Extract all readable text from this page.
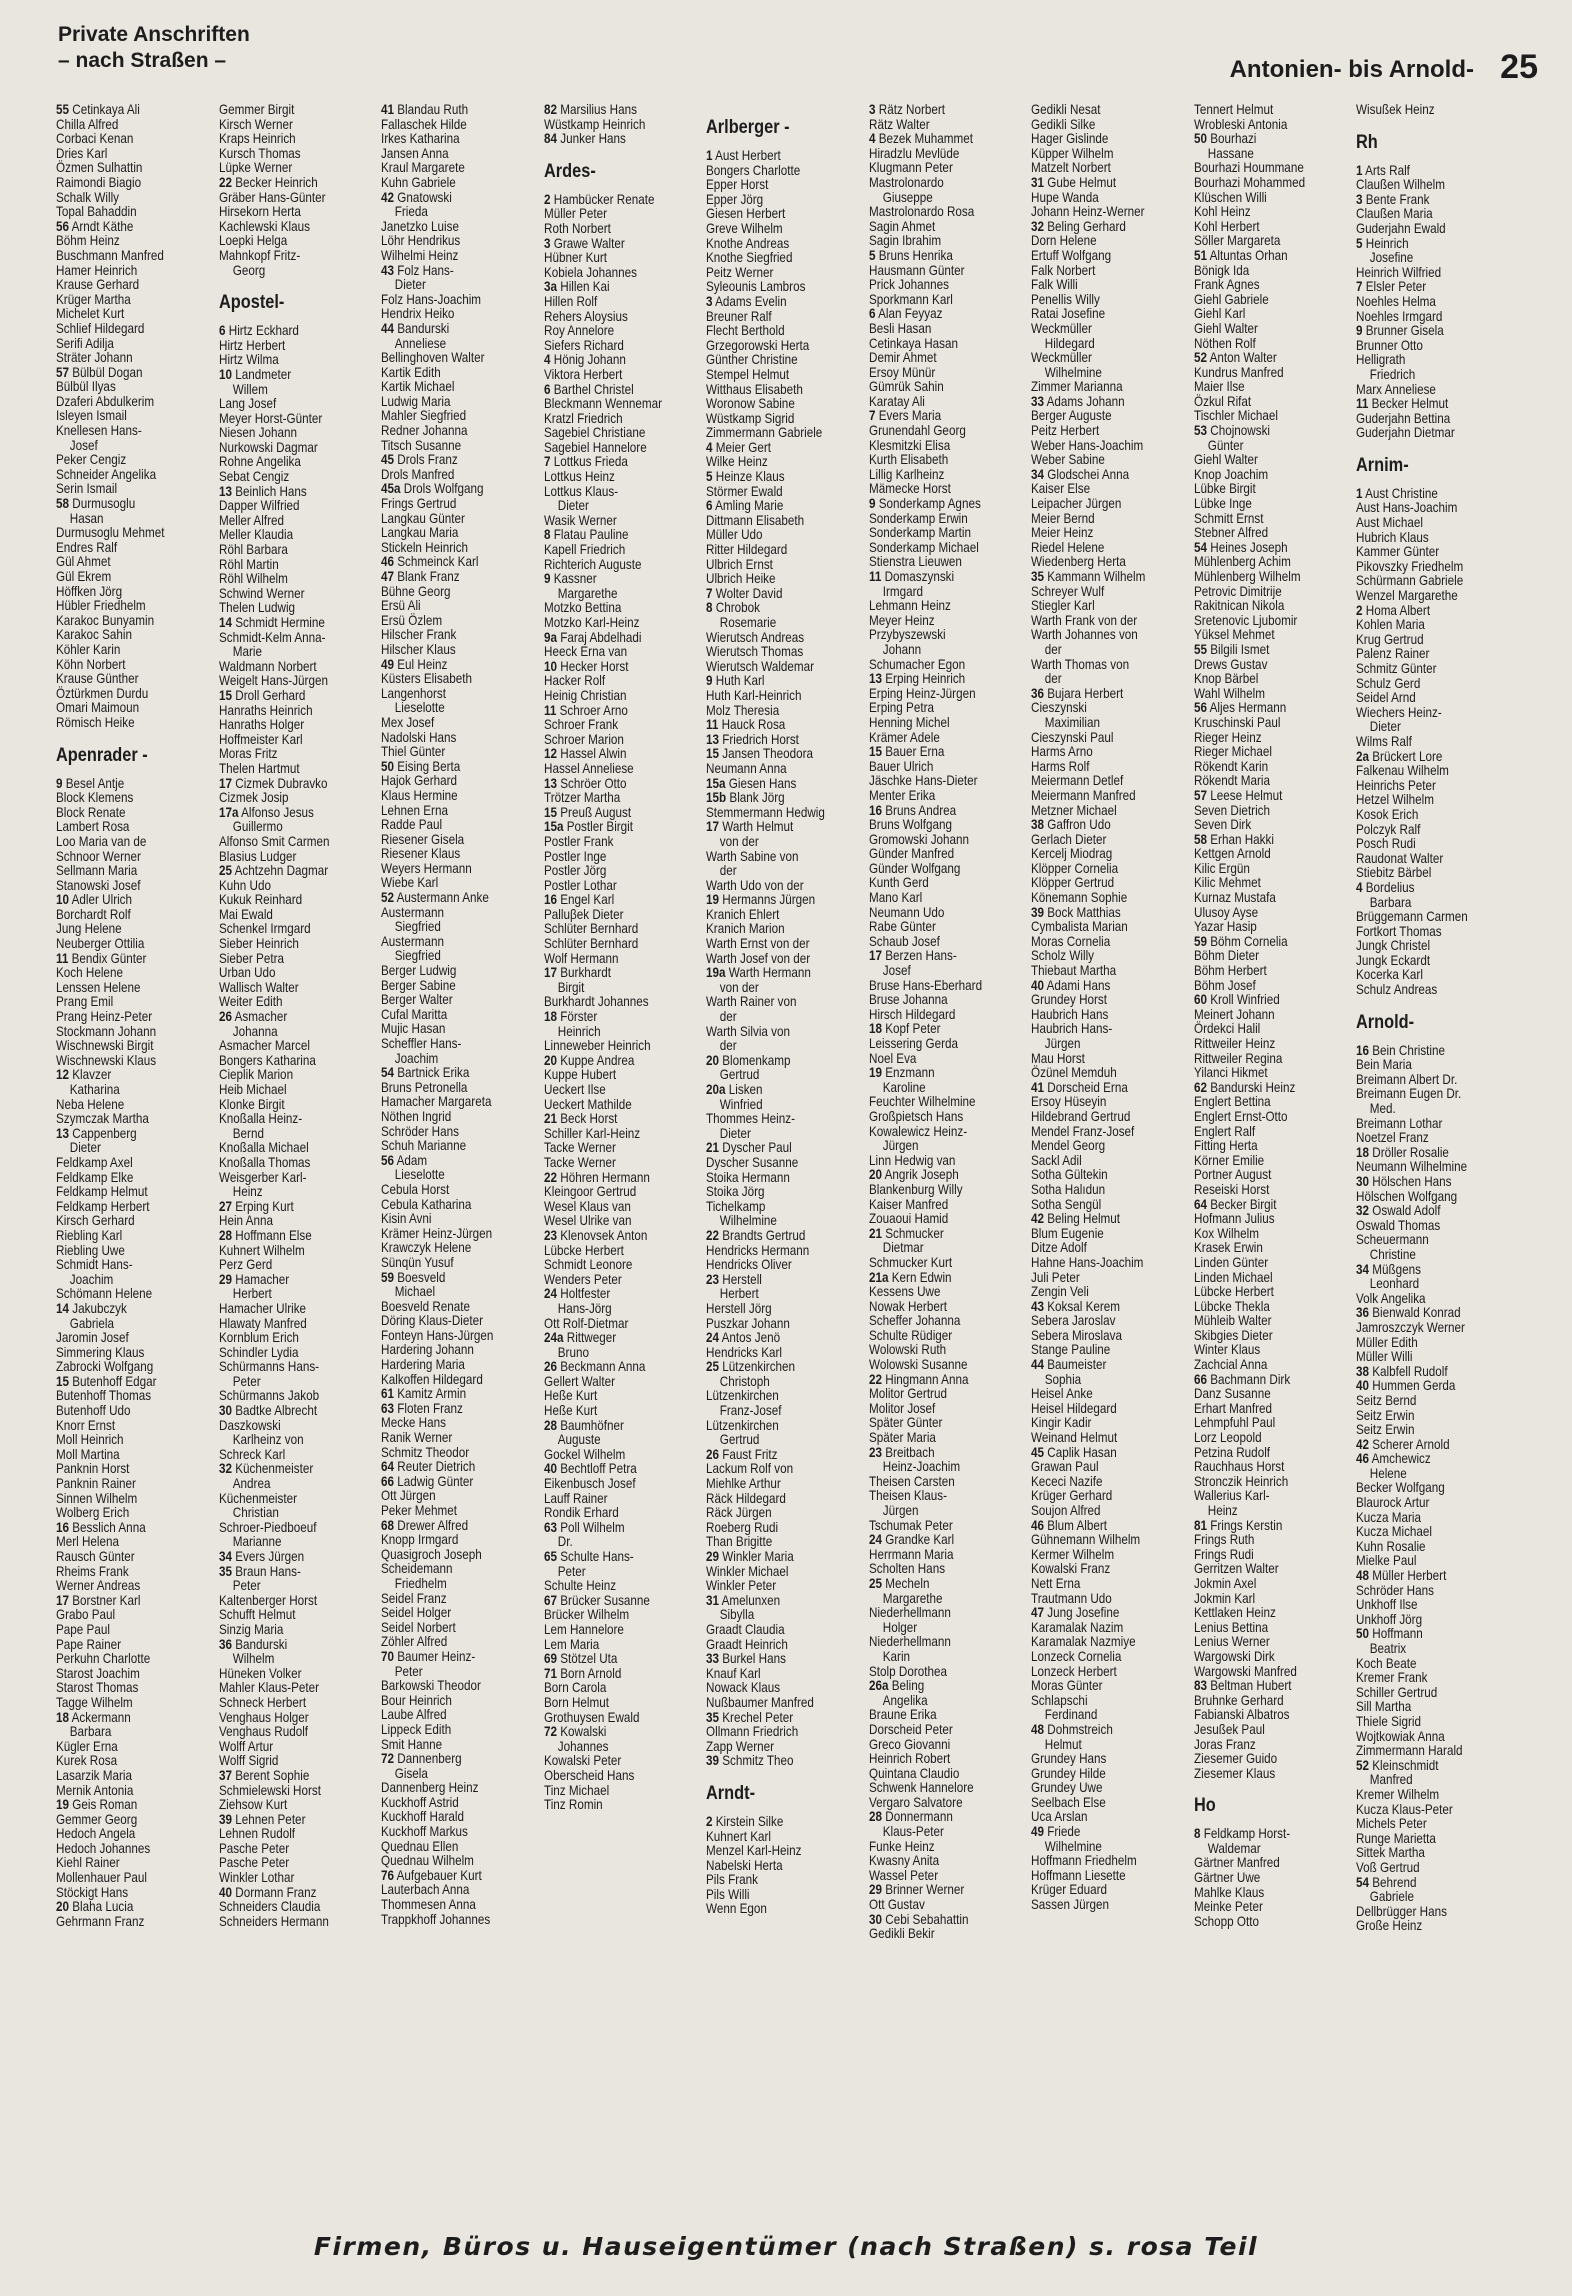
Private Anschriften
– nach Straßen –	Antonien- bis Arnold- 25
55 Cetinkaya Ali
Chilla Alfred
Corbaci Kenan
Dries Karl
Özmen Sulhattin
Raimondi Biagio
Schalk Willy
Topal Bahaddin
56 Arndt Käthe
Böhm Heinz
Buschmann Manfred
Hamer Heinrich
Krause Gerhard
Krüger Martha
Michelet Kurt
Schlief Hildegard
Serifi Adilja
Sträter Johann
57 Bülbül Dogan
Bülbül Ilyas
Dzaferi Abdulkerim
Isleyen Ismail
Knellesen Hans-
Josef
Peker Cengiz
Schneider Angelika
Serin Ismail
58 Durmusoglu
Hasan
Durmusoglu Mehmet
Endres Ralf
Gül Ahmet
Gül Ekrem
Höffken Jörg
Hübler Friedhelm
Karakoc Bunyamin
Karakoc Sahin
Köhler Karin
Köhn Norbert
Krause Günther
Öztürkmen Durdu
Omari Maimoun
Römisch Heike
Apenrader -
9 Besel Antje
Block Klemens
Block Renate
Lambert Rosa
Loo Maria van de
Schnoor Werner
Sellmann Maria
Stanowski Josef
10 Adler Ulrich
Borchardt Rolf
Jung Helene
Neuberger Ottilia
11 Bendix Günter
Koch Helene
Lenssen Helene
Prang Emil
Prang Heinz-Peter
Stockmann Johann
Wischnewski Birgit
Wischnewski Klaus
12 Klavzer
Katharina
Neba Helene
Szymczak Martha
13 Cappenberg
Dieter
Feldkamp Axel
Feldkamp Elke
Feldkamp Helmut
Feldkamp Herbert
Kirsch Gerhard
Riebling Karl
Riebling Uwe
Schmidt Hans-
Joachim
Schömann Helene
14 Jakubczyk
Gabriela
Jaromin Josef
Simmering Klaus
Zabrocki Wolfgang
15 Butenhoff Edgar
Butenhoff Thomas
Butenhoff Udo
Knorr Ernst
Moll Heinrich
Moll Martina
Panknin Horst
Panknin Rainer
Sinnen Wilhelm
Wolberg Erich
16 Besslich Anna
Merl Helena
Rausch Günter
Rheims Frank
Werner Andreas
17 Borstner Karl
Grabo Paul
Pape Paul
Pape Rainer
Perkuhn Charlotte
Starost Joachim
Starost Thomas
Tagge Wilhelm
18 Ackermann
Barbara
Kügler Erna
Kurek Rosa
Lasarzik Maria
Mernik Antonia
19 Geis Roman
Gemmer Georg
Hedoch Angela
Hedoch Johannes
Kiehl Rainer
Mollenhauer Paul
Stöckigt Hans
20 Blaha Lucia
Gehrmann Franz
Gemmer Birgit
Kirsch Werner
Kraps Heinrich
Kursch Thomas
Lüpke Werner
22 Becker Heinrich
Gräber Hans-Günter
Hirsekorn Herta
Kachlewski Klaus
Loepki Helga
Mahnkopf Fritz-
Georg
Apostel-
6 Hirtz Eckhard
Hirtz Herbert
Hirtz Wilma
10 Landmeter
Willem
Lang Josef
Meyer Horst-Günter
Niesen Johann
Nurkowski Dagmar
Rohne Angelika
Sebat Cengiz
13 Beinlich Hans
Dapper Wilfried
Meller Alfred
Meller Klaudia
Röhl Barbara
Röhl Martin
Röhl Wilhelm
Schwind Werner
Thelen Ludwig
14 Schmidt Hermine
Schmidt-Kelm Anna-
Marie
Waldmann Norbert
Weigelt Hans-Jürgen
15 Droll Gerhard
Hanraths Heinrich
Hanraths Holger
Hoffmeister Karl
Moras Fritz
Thelen Hartmut
17 Cizmek Dubravko
Cizmek Josip
17a Alfonso Jesus
Guillermo
Alfonso Smit Carmen
Blasius Ludger
25 Achtzehn Dagmar
Kuhn Udo
Kukuk Reinhard
Mai Ewald
Schenkel Irmgard
Sieber Heinrich
Sieber Petra
Urban Udo
Wallisch Walter
Weiter Edith
26 Asmacher
Johanna
Asmacher Marcel
Bongers Katharina
Cieplik Marion
Heib Michael
Klonke Birgit
Knoßalla Heinz-
Bernd
Knoßalla Michael
Knoßalla Thomas
Weisgerber Karl-
Heinz
27 Erping Kurt
Hein Anna
28 Hoffmann Else
Kuhnert Wilhelm
Perz Gerd
29 Hamacher
Herbert
Hamacher Ulrike
Hlawaty Manfred
Kornblum Erich
Schindler Lydia
Schürmanns Hans-
Peter
Schürmanns Jakob
30 Badtke Albrecht
Daszkowski
Karlheinz von
Schreck Karl
32 Küchenmeister
Andrea
Küchenmeister
Christian
Schroer-Piedboeuf
Marianne
34 Evers Jürgen
35 Braun Hans-
Peter
Kaltenberger Horst
Schufft Helmut
Sinzig Maria
36 Bandurski
Wilhelm
Hüneken Volker
Mahler Klaus-Peter
Schneck Herbert
Venghaus Holger
Venghaus Rudolf
Wolff Artur
Wolff Sigrid
37 Berent Sophie
Schmielewski Horst
Ziehsow Kurt
39 Lehnen Peter
Lehnen Rudolf
Pasche Peter
Pasche Peter
Winkler Lothar
40 Dormann Franz
Schneiders Claudia
Schneiders Hermann
41 Blandau Ruth
Fallaschek Hilde
Irkes Katharina
Jansen Anna
Kraul Margarete
Kuhn Gabriele
42 Gnatowski
Frieda
Janetzko Luise
Löhr Hendrikus
Wilhelmi Heinz
43 Folz Hans-
Dieter
Folz Hans-Joachim
Hendrix Heiko
44 Bandurski
Anneliese
Bellinghoven Walter
Kartik Edith
Kartik Michael
Ludwig Maria
Mahler Siegfried
Redner Johanna
Titsch Susanne
45 Drols Franz
Drols Manfred
45a Drols Wolfgang
Frings Gertrud
Langkau Günter
Langkau Maria
Stickeln Heinrich
46 Schmeinck Karl
47 Blank Franz
Bühne Georg
Ersü Ali
Ersü Özlem
Hilscher Frank
Hilscher Klaus
49 Eul Heinz
Küsters Elisabeth
Langenhorst
Lieselotte
Mex Josef
Nadolski Hans
Thiel Günter
50 Eising Berta
Hajok Gerhard
Klaus Hermine
Lehnen Erna
Radde Paul
Riesener Gisela
Riesener Klaus
Weyers Hermann
Wiebe Karl
52 Austermann Anke
Austermann
Siegfried
Austermann
Siegfried
Berger Ludwig
Berger Sabine
Berger Walter
Cufal Maritta
Mujic Hasan
Scheffler Hans-
Joachim
54 Bartnick Erika
Bruns Petronella
Hamacher Margareta
Nöthen Ingrid
Schröder Hans
Schuh Marianne
56 Adam
Lieselotte
Cebula Horst
Cebula Katharina
Kisin Avni
Krämer Heinz-Jürgen
Krawczyk Helene
Sünqün Yusuf
59 Boesveld
Michael
Boesveld Renate
Döring Klaus-Dieter
Fonteyn Hans-Jürgen
Hardering Johann
Hardering Maria
Kalkoffen Hildegard
61 Kamitz Armin
63 Floten Franz
Mecke Hans
Ranik Werner
Schmitz Theodor
64 Reuter Dietrich
66 Ladwig Günter
Ott Jürgen
Peker Mehmet
68 Drewer Alfred
Knopp Irmgard
Quasigroch Joseph
Scheidemann
Friedhelm
Seidel Franz
Seidel Holger
Seidel Norbert
Zöhler Alfred
70 Baumer Heinz-
Peter
Barkowski Theodor
Bour Heinrich
Laube Alfred
Lippeck Edith
Smit Hanne
72 Dannenberg
Gisela
Dannenberg Heinz
Kuckhoff Astrid
Kuckhoff Harald
Kuckhoff Markus
Quednau Ellen
Quednau Wilhelm
76 Aufgebauer Kurt
Lauterbach Anna
Thommesen Anna
Trappkhoff Johannes
82 Marsilius Hans
Wüstkamp Heinrich
84 Junker Hans
Ardes-
2 Hambücker Renate
Müller Peter
Roth Norbert
3 Grawe Walter
Hübner Kurt
Kobiela Johannes
3a Hillen Kai
Hillen Rolf
Rehers Aloysius
Roy Annelore
Siefers Richard
4 Hönig Johann
Viktora Herbert
6 Barthel Christel
Bleckmann Wennemar
Kratzl Friedrich
Sagebiel Christiane
Sagebiel Hannelore
7 Lottkus Frieda
Lottkus Heinz
Lottkus Klaus-
Dieter
Wasik Werner
8 Flatau Pauline
Kapell Friedrich
Richterich Auguste
9 Kassner
Margarethe
Motzko Bettina
Motzko Karl-Heinz
9a Faraj Abdelhadi
Heeck Erna van
10 Hecker Horst
Hacker Rolf
Heinig Christian
11 Schroer Arno
Schroer Frank
Schroer Marion
12 Hassel Alwin
Hassel Anneliese
13 Schröer Otto
Trötzer Martha
15 Preuß August
15a Postler Birgit
Postler Frank
Postler Inge
Postler Jörg
Postler Lothar
16 Engel Karl
Palluβek Dieter
Schlüter Bernhard
Schlüter Bernhard
Wolf Hermann
17 Burkhardt
Birgit
Burkhardt Johannes
18 Förster
Heinrich
Linneweber Heinrich
20 Kuppe Andrea
Kuppe Hubert
Ueckert Ilse
Ueckert Mathilde
21 Beck Horst
Schiller Karl-Heinz
Tacke Werner
Tacke Werner
22 Höhren Hermann
Kleingoor Gertrud
Wesel Klaus van
Wesel Ulrike van
23 Klenovsek Anton
Lübcke Herbert
Schmidt Leonore
Wenders Peter
24 Holtfester
Hans-Jörg
Ott Rolf-Dietmar
24a Rittweger
Bruno
26 Beckmann Anna
Gellert Walter
Heße Kurt
Heße Kurt
28 Baumhöfner
Auguste
Gockel Wilhelm
40 Bechtloff Petra
Eikenbusch Josef
Lauff Rainer
Rondik Erhard
63 Poll Wilhelm
Dr.
65 Schulte Hans-
Peter
Schulte Heinz
67 Brücker Susanne
Brücker Wilhelm
Lem Hannelore
Lem Maria
69 Stötzel Uta
71 Born Arnold
Born Carola
Born Helmut
Grothuysen Ewald
72 Kowalski
Johannes
Kowalski Peter
Oberscheid Hans
Tinz Michael
Tinz Romin
Arlberger -
1 Aust Herbert
Bongers Charlotte
Epper Horst
Epper Jörg
Giesen Herbert
Greve Wilhelm
Knothe Andreas
Knothe Siegfried
Peitz Werner
Syleounis Lambros
3 Adams Evelin
Breuner Ralf
Flecht Berthold
Grzegorowski Herta
Günther Christine
Stempel Helmut
Witthaus Elisabeth
Woronow Sabine
Wüstkamp Sigrid
Zimmermann Gabriele
4 Meier Gert
Wilke Heinz
5 Heinze Klaus
Störmer Ewald
6 Amling Marie
Dittmann Elisabeth
Müller Udo
Ritter Hildegard
Ulbrich Ernst
Ulbrich Heike
7 Wolter David
8 Chrobok
Rosemarie
Wierutsch Andreas
Wierutsch Thomas
Wierutsch Waldemar
9 Huth Karl
Huth Karl-Heinrich
Molz Theresia
11 Hauck Rosa
13 Friedrich Horst
15 Jansen Theodora
Neumann Anna
15a Giesen Hans
15b Blank Jörg
Stemmermann Hedwig
17 Warth Helmut
von der
Warth Sabine von
der
Warth Udo von der
19 Hermanns Jürgen
Kranich Ehlert
Kranich Marion
Warth Ernst von der
Warth Josef von der
19a Warth Hermann
von der
Warth Rainer von
der
Warth Silvia von
der
20 Blomenkamp
Gertrud
20a Lisken
Winfried
Thommes Heinz-
Dieter
21 Dyscher Paul
Dyscher Susanne
Stoika Hermann
Stoika Jörg
Tichelkamp
Wilhelmine
22 Brandts Gertrud
Hendricks Hermann
Hendricks Oliver
23 Herstell
Herbert
Herstell Jörg
Puszkar Johann
24 Antos Jenö
Hendricks Karl
25 Lützenkirchen
Christoph
Lützenkirchen
Franz-Josef
Lützenkirchen
Gertrud
26 Faust Fritz
Lackum Rolf von
Miehlke Arthur
Räck Hildegard
Räck Jürgen
Roeberg Rudi
Than Brigitte
29 Winkler Maria
Winkler Michael
Winkler Peter
31 Amelunxen
Sibylla
Graadt Claudia
Graadt Heinrich
33 Burkel Hans
Knauf Karl
Nowack Klaus
Nußbaumer Manfred
35 Krechel Peter
Ollmann Friedrich
Zapp Werner
39 Schmitz Theo
Arndt-
2 Kirstein Silke
Kuhnert Karl
Menzel Karl-Heinz
Nabelski Herta
Pils Frank
Pils Willi
Wenn Egon
3 Rätz Norbert
Rätz Walter
4 Bezek Muhammet
Hiradzlu Mevlüde
Klugmann Peter
Mastrolonardo
Giuseppe
Mastrolonardo Rosa
Sagin Ahmet
Sagin Ibrahim
5 Bruns Henrika
Hausmann Günter
Prick Johannes
Sporkmann Karl
6 Alan Feyyaz
Besli Hasan
Cetinkaya Hasan
Demir Ahmet
Ersoy Münür
Gümrük Sahin
Karatay Ali
7 Evers Maria
Grunendahl Georg
Klesmitzki Elisa
Kurth Elisabeth
Lillig Karlheinz
Mämecke Horst
9 Sonderkamp Agnes
Sonderkamp Erwin
Sonderkamp Martin
Sonderkamp Michael
Stienstra Lieuwen
11 Domaszynski
Irmgard
Lehmann Heinz
Meyer Heinz
Przybyszewski
Johann
Schumacher Egon
13 Erping Heinrich
Erping Heinz-Jürgen
Erping Petra
Henning Michel
Krämer Adele
15 Bauer Erna
Bauer Ulrich
Jäschke Hans-Dieter
Menter Erika
16 Bruns Andrea
Bruns Wolfgang
Gromowski Johann
Günder Manfred
Günder Wolfgang
Kunth Gerd
Mano Karl
Neumann Udo
Rabe Günter
Schaub Josef
17 Berzen Hans-
Josef
Bruse Hans-Eberhard
Bruse Johanna
Hirsch Hildegard
18 Kopf Peter
Leissering Gerda
Noel Eva
19 Enzmann
Karoline
Feuchter Wilhelmine
Großpietsch Hans
Kowalewicz Heinz-
Jürgen
Linn Hedwig van
20 Angrik Joseph
Blankenburg Willy
Kaiser Manfred
Zouaoui Hamid
21 Schmucker
Dietmar
Schmucker Kurt
21a Kern Edwin
Kessens Uwe
Nowak Herbert
Scheffer Johanna
Schulte Rüdiger
Wolowski Ruth
Wolowski Susanne
22 Hingmann Anna
Molitor Gertrud
Molitor Josef
Später Günter
Später Maria
23 Breitbach
Heinz-Joachim
Theisen Carsten
Theisen Klaus-
Jürgen
Tschumak Peter
24 Grandke Karl
Herrmann Maria
Scholten Hans
25 Mecheln
Margarethe
Niederhellmann
Holger
Niederhellmann
Karin
Stolp Dorothea
26a Beling
Angelika
Braune Erika
Dorscheid Peter
Greco Giovanni
Heinrich Robert
Quintana Claudio
Schwenk Hannelore
Vergaro Salvatore
28 Donnermann
Klaus-Peter
Funke Heinz
Kwasny Anita
Wassel Peter
29 Brinner Werner
Ott Gustav
30 Cebi Sebahattin
Gedikli Bekir
Gedikli Nesat
Gedikli Silke
Hager Gislinde
Küpper Wilhelm
Matzelt Norbert
31 Gube Helmut
Hupe Wanda
Johann Heinz-Werner
32 Beling Gerhard
Dorn Helene
Ertuff Wolfgang
Falk Norbert
Falk Willi
Penellis Willy
Ratai Josefine
Weckmüller
Hildegard
Weckmüller
Wilhelmine
Zimmer Marianna
33 Adams Johann
Berger Auguste
Peitz Herbert
Weber Hans-Joachim
Weber Sabine
34 Glodschei Anna
Kaiser Else
Leipacher Jürgen
Meier Bernd
Meier Heinz
Riedel Helene
Wiedenberg Herta
35 Kammann Wilhelm
Schreyer Wulf
Stiegler Karl
Warth Frank von der
Warth Johannes von
der
Warth Thomas von
der
36 Bujara Herbert
Cieszynski
Maximilian
Cieszynski Paul
Harms Arno
Harms Rolf
Meiermann Detlef
Meiermann Manfred
Metzner Michael
38 Gaffron Udo
Gerlach Dieter
Kercelj Miodrag
Klöpper Cornelia
Klöpper Gertrud
Könemann Sophie
39 Bock Matthias
Cymbalista Marian
Moras Cornelia
Scholz Willy
Thiebaut Martha
40 Adami Hans
Grundey Horst
Haubrich Hans
Haubrich Hans-
Jürgen
Mau Horst
Özünel Memduh
41 Dorscheid Erna
Ersoy Hüseyin
Hildebrand Gertrud
Mendel Franz-Josef
Mendel Georg
Sackl Adil
Sotha Gültekin
Sotha Halıdun
Sotha Sengül
42 Beling Helmut
Blum Eugenie
Ditze Adolf
Hahne Hans-Joachim
Juli Peter
Zengin Veli
43 Koksal Kerem
Sebera Jaroslav
Sebera Miroslava
Stange Pauline
44 Baumeister
Sophia
Heisel Anke
Heisel Hildegard
Kingir Kadir
Weinand Helmut
45 Caplik Hasan
Grawan Paul
Kececi Nazife
Krüger Gerhard
Soujon Alfred
46 Blum Albert
Gühnemann Wilhelm
Kermer Wilhelm
Kowalski Franz
Nett Erna
Trautmann Udo
47 Jung Josefine
Karamalak Nazim
Karamalak Nazmiye
Lonzeck Cornelia
Lonzeck Herbert
Moras Günter
Schlapschi
Ferdinand
48 Dohmstreich
Helmut
Grundey Hans
Grundey Hilde
Grundey Uwe
Seelbach Else
Uca Arslan
49 Friede
Wilhelmine
Hoffmann Friedhelm
Hoffmann Liesette
Krüger Eduard
Sassen Jürgen
Tennert Helmut
Wrobleski Antonia
50 Bourhazi
Hassane
Bourhazi Hoummane
Bourhazi Mohammed
Klüschen Willi
Kohl Heinz
Kohl Herbert
Söller Margareta
51 Altuntas Orhan
Bönigk Ida
Frank Agnes
Giehl Gabriele
Giehl Karl
Giehl Walter
Nöthen Rolf
52 Anton Walter
Kundrus Manfred
Maier Ilse
Özkul Rifat
Tischler Michael
53 Chojnowski
Günter
Giehl Walter
Knop Joachim
Lübke Birgit
Lübke Inge
Schmitt Ernst
Stebner Alfred
54 Heines Joseph
Mühlenberg Achim
Mühlenberg Wilhelm
Petrovic Dimitrije
Rakitnican Nikola
Sretenovic Ljubomir
Yüksel Mehmet
55 Bilgili Ismet
Drews Gustav
Knop Bärbel
Wahl Wilhelm
56 Aljes Hermann
Kruschinski Paul
Rieger Heinz
Rieger Michael
Rökendt Karin
Rökendt Maria
57 Leese Helmut
Seven Dietrich
Seven Dirk
58 Erhan Hakki
Kettgen Arnold
Kilic Ergün
Kilic Mehmet
Kurnaz Mustafa
Ulusoy Ayse
Yazar Hasip
59 Böhm Cornelia
Böhm Dieter
Böhm Herbert
Böhm Josef
60 Kroll Winfried
Meinert Johann
Ördekci Halil
Rittweiler Heinz
Rittweiler Regina
Yilanci Hikmet
62 Bandurski Heinz
Englert Bettina
Englert Ernst-Otto
Englert Ralf
Fitting Herta
Körner Emilie
Portner August
Reseiski Horst
64 Becker Birgit
Hofmann Julius
Kox Wilhelm
Krasek Erwin
Linden Günter
Linden Michael
Lübcke Herbert
Lübcke Thekla
Mühleib Walter
Skibgies Dieter
Winter Klaus
Zachcial Anna
66 Bachmann Dirk
Danz Susanne
Erhart Manfred
Lehmpfuhl Paul
Lorz Leopold
Petzina Rudolf
Rauchhaus Horst
Stronczik Heinrich
Wallerius Karl-
Heinz
81 Frings Kerstin
Frings Ruth
Frings Rudi
Gerritzen Walter
Jokmin Axel
Jokmin Karl
Kettlaken Heinz
Lenius Bettina
Lenius Werner
Wargowski Dirk
Wargowski Manfred
83 Beltman Hubert
Bruhnke Gerhard
Fabianski Albatros
Jesußek Paul
Joras Franz
Ziesemer Guido
Ziesemer Klaus
Ho
8 Feldkamp Horst-
Waldemar
Gärtner Manfred
Gärtner Uwe
Mahlke Klaus
Meinke Peter
Schopp Otto
Wisußek Heinz
Rh
1 Arts Ralf
Claußen Wilhelm
3 Bente Frank
Claußen Maria
Guderjahn Ewald
5 Heinrich
Josefine
Heinrich Wilfried
7 Elsler Peter
Noehles Helma
Noehles Irmgard
9 Brunner Gisela
Brunner Otto
Helligrath
Friedrich
Marx Anneliese
11 Becker Helmut
Guderjahn Bettina
Guderjahn Dietmar
Arnim-
1 Aust Christine
Aust Hans-Joachim
Aust Michael
Hubrich Klaus
Kammer Günter
Pikovszky Friedhelm
Schürmann Gabriele
Wenzel Margarethe
2 Homa Albert
Kohlen Maria
Krug Gertrud
Palenz Rainer
Schmitz Günter
Schulz Gerd
Seidel Arnd
Wiechers Heinz-
Dieter
Wilms Ralf
2a Brückert Lore
Falkenau Wilhelm
Heinrichs Peter
Hetzel Wilhelm
Kosok Erich
Polczyk Ralf
Posch Rudi
Raudonat Walter
Stiebitz Bärbel
4 Bordelius
Barbara
Brüggemann Carmen
Fortkort Thomas
Jungk Christel
Jungk Eckardt
Kocerka Karl
Schulz Andreas
Arnold-
16 Bein Christine
Bein Maria
Breimann Albert Dr.
Breimann Eugen Dr.
Med.
Breimann Lothar
Noetzel Franz
18 Dröller Rosalie
Neumann Wilhelmine
30 Hölschen Hans
Hölschen Wolfgang
32 Oswald Adolf
Oswald Thomas
Scheuermann
Christine
34 Müßgens
Leonhard
Volk Angelika
36 Bienwald Konrad
Jamroszczyk Werner
Müller Edith
Müller Willi
38 Kalbfell Rudolf
40 Hummen Gerda
Seitz Bernd
Seitz Erwin
Seitz Erwin
42 Scherer Arnold
46 Amchewicz
Helene
Becker Wolfgang
Blaurock Artur
Kucza Maria
Kucza Michael
Kuhn Rosalie
Mielke Paul
48 Müller Herbert
Schröder Hans
Unkhoff Ilse
Unkhoff Jörg
50 Hoffmann
Beatrix
Koch Beate
Kremer Frank
Schiller Gertrud
Sill Martha
Thiele Sigrid
Wojtkowiak Anna
Zimmermann Harald
52 Kleinschmidt
Manfred
Kremer Wilhelm
Kucza Klaus-Peter
Michels Peter
Runge Marietta
Sittek Martha
Voß Gertrud
54 Behrend
Gabriele
Dellbrügger Hans
Große Heinz
Firmen, Büros u. Hauseigentümer (nach Straßen) s. rosa Teil
